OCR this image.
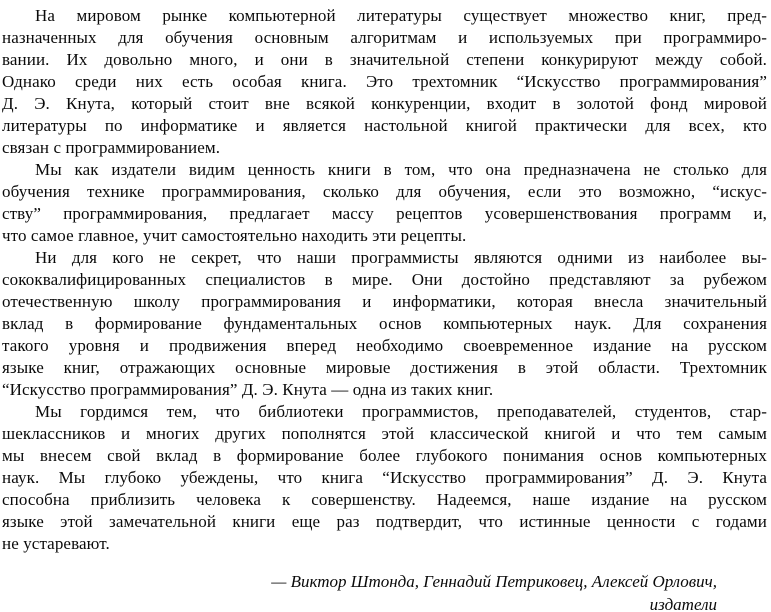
На мировом рынке компьютерной литературы существует множество книг, пред-
назначенных для обучения основным алгоритмам и используемых при программиро-
вании. Их довольно много, и они в значительной степени конкурируют между собой.
Однако среди них есть особая книга. Это трехтомник “Искусство программирования”
Д. Э. Кнута, который стоит вне всякой конкуренции, входит в золотой фонд мировой
литературы по информатике и является настольной книгой практически для всех, кто
связан с программированием.

Мы как издатели видим ценность книги в том, что она предназначена не столько для
обучения технике программирования, сколько для обучения, если это возможно, “искус-
ству” программирования, предлагает массу рецептов усовершенствования программ и,
что самое главное, учит самостоятельно находить эти рецепты.

Ни для кого не секрет, что наши программисты являются одними из наиболее вы-
сококвалифицированных специалистов в мире. Они достойно представляют за рубежом
отечественную школу программирования и информатики, которая внесла значительный
вклад в формирование фундаментальных основ компьютерных наук. Для сохранения
такого уровня и продвижения вперед необходимо своевременное издание на русском
языке книг, отражающих основные мировые достижения в этой области. Трехтомник
“Искусство программирования” Д. Э. Кнута — одна из таких книг.

Мы гордимся тем, что библиотеки программистов, преподавателей, студентов, стар-
шеклассников и многих других пополнятся этой классической книгой и что тем самым
мы внесем свой вклад в формирование более глубокого понимания основ компьютерных
наук. Мы глубоко убеждены, что книга “Искусство программирования” Д. Э. Кнута
способна приблизить человека к совершенству. Надеемся, наше издание на русском
языке этой замечательной книги еще раз подтвердит, что истинные ценности с годами
не устаревают.

— Виктор Штонда, Геннадий Петриковец, Алексей Орлович,
издатели
